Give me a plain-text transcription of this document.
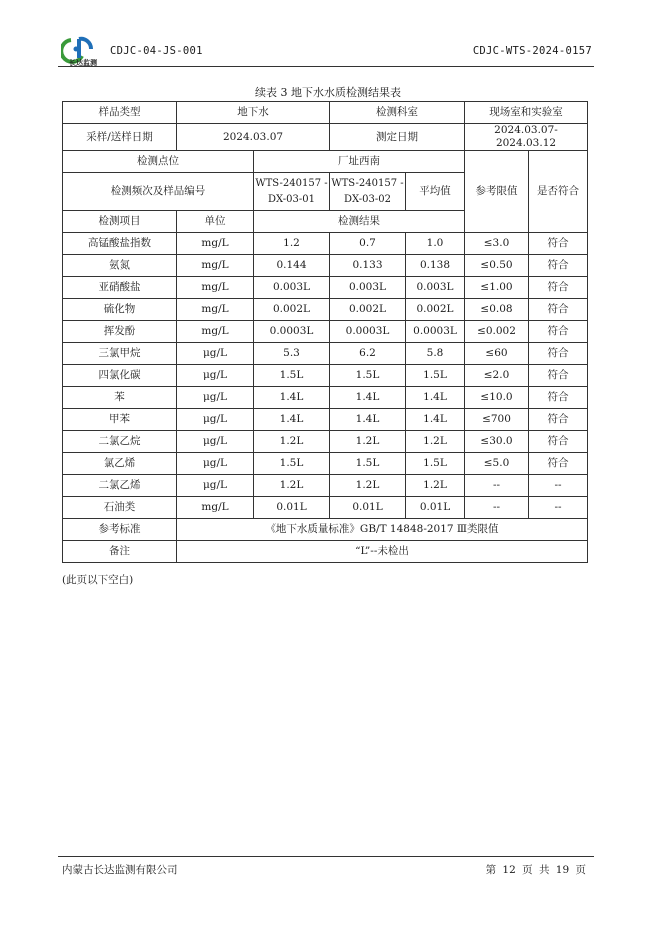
长达监测
CDJC-04-JS-001	CDJC-WTS-2024-0157
续表 3 地下水水质检测结果表
样品类型	地下水		检测科室		现场室和实验室	
采样/送样日期	2024.03.07		测定日期		2024.03.07-2024.03.12	
检测点位		厂址西南			参考限值	是否符合
检测频次及样品编号		WTS-240157 -DX-03-01	WTS-240157 -DX-03-02	平均值		
检测项目	单位	检测结果				
高锰酸盐指数	mg/L	1.2	0.7	1.0	≤3.0	符合
氨氮	mg/L	0.144	0.133	0.138	≤0.50	符合
亚硝酸盐	mg/L	0.003L	0.003L	0.003L	≤1.00	符合
硫化物	mg/L	0.002L	0.002L	0.002L	≤0.08	符合
挥发酚	mg/L	0.0003L	0.0003L	0.0003L	≤0.002	符合
三氯甲烷	μg/L	5.3	6.2	5.8	≤60	符合
四氯化碳	μg/L	1.5L	1.5L	1.5L	≤2.0	符合
苯	μg/L	1.4L	1.4L	1.4L	≤10.0	符合
甲苯	μg/L	1.4L	1.4L	1.4L	≤700	符合
二氯乙烷	μg/L	1.2L	1.2L	1.2L	≤30.0	符合
氯乙烯	μg/L	1.5L	1.5L	1.5L	≤5.0	符合
二氯乙烯	μg/L	1.2L	1.2L	1.2L	--	--
石油类	mg/L	0.01L	0.01L	0.01L	--	--
参考标准	《地下水质量标准》GB/T 14848-2017 Ⅲ类限值					
备注	“L”--未检出					
(此页以下空白)
内蒙古长达监测有限公司	第 12 页 共 19 页
